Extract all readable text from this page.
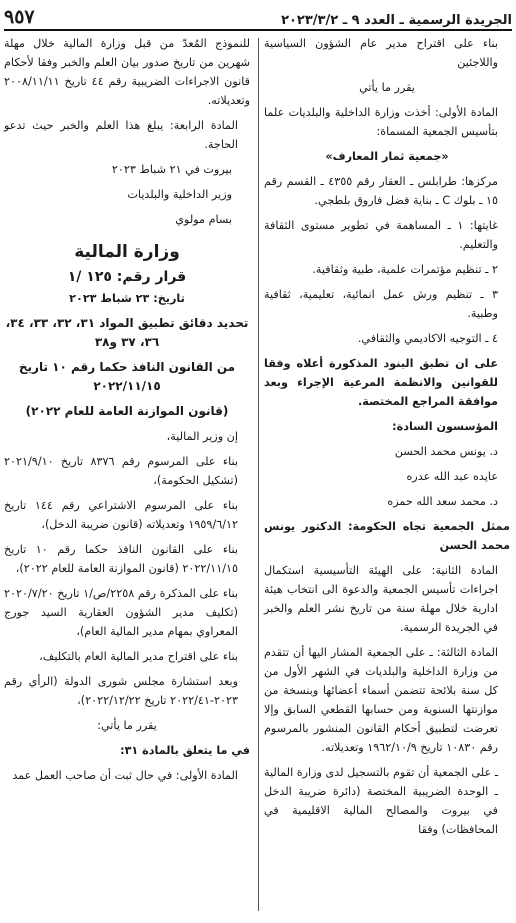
٩٥٧	الجريدة الرسمية ـ العدد ٩ ـ ٢٠٢٣/٣/٢

بناء على اقتراح مدير عام الشؤون السياسية واللاجئين

يقرر ما يأتي

المادة الأولى: أخذت وزارة الداخلية والبلديات علما بتأسيس الجمعية المسماة:

«جمعية ثمار المعارف»

مركزها: طرابلس ـ العقار رقم ٤٣٥٥ ـ القسم رقم ١٥ ـ بلوك C ـ بناية فضل فاروق بلطجي.

غايتها: ١ ـ المساهمة في تطوير مستوى الثقافة والتعليم.

٢ ـ تنظيم مؤتمرات علمية، طبية وثقافية.

٣ ـ تنظيم ورش عمل انمائية، تعليمية، ثقافية وطبية.

٤ ـ التوجيه الاكاديمي والثقافي.

على ان تطبق البنود المذكورة أعلاه وفقا للقوانين والانظمة المرعية الإجراء وبعد موافقة المراجع المختصة.

المؤسسون السادة:

د. يونس محمد الحسن

عايده عبد الله عدره

د. محمد سعد الله حمزه

ممثل الجمعية تجاه الحكومة: الدكتور يونس محمد الحسن

المادة الثانية: على الهيئة التأسيسية استكمال اجراءات تأسيس الجمعية والدعوة الى انتخاب هيئة ادارية خلال مهلة سنة من تاريخ نشر العلم والخبر في الجريدة الرسمية.

المادة الثالثة: ـ على الجمعية المشار اليها أن تتقدم من وزارة الداخلية والبلديات في الشهر الأول من كل سنة بلائحة تتضمن أسماء أعضائها وبنسخة من موازنتها السنوية ومن حسابها القطعي السابق وإلا تعرضت لتطبيق أحكام القانون المنشور بالمرسوم رقم ١٠٨٣٠ تاريخ ١٩٦٢/١٠/٩ وتعديلاته.

ـ على الجمعية أن تقوم بالتسجيل لدى وزارة المالية ـ الوحدة الضريبية المختصة (دائرة ضريبة الدخل في بيروت والمصالح المالية الاقليمية في المحافظات) وفقا

للنموذج المُعدّ من قبل وزارة المالية خلال مهلة شهرين من تاريخ صدور بيان العلم والخبر وفقا لأحكام قانون الاجراءات الضريبية رقم ٤٤ تاريخ ٢٠٠٨/١١/١١ وتعديلاته.

المادة الرابعة: يبلغ هذا العلم والخبر حيث تدعو الحاجة.

بيروت في ٢١ شباط ٢٠٢٣

وزير الداخلية والبلديات

بسام مولوي

وزارة المالية
قرار رقم: ١٢٥ /١

تاريخ: ٢٣ شباط ٢٠٢٣

تحديد دقائق تطبيق المواد ٣١، ٣٢، ٣٣، ٣٤، ٣٦، ٣٧ و٣٨

من القانون النافذ حكما رقم ١٠ تاريخ ٢٠٢٢/١١/١٥

(قانون الموازنة العامة للعام ٢٠٢٢)

إن وزير المالية،

بناء على المرسوم رقم ٨٣٧٦ تاريخ ٢٠٢١/٩/١٠ (تشكيل الحكومة)،

بناء على المرسوم الاشتراعي رقم ١٤٤ تاريخ ١٩٥٩/٦/١٢ وتعديلاته (قانون ضريبة الدخل)،

بناء على القانون النافذ حكما رقم ١٠ تاريخ ٢٠٢٢/١١/١٥ (قانون الموازنة العامة للعام ٢٠٢٢)،

بناء على المذكرة رقم ٢٢٥٨/ص/١ تاريخ ٢٠٢٠/٧/٢٠ (تكليف مدير الشؤون العقارية السيد جورج المعراوي بمهام مدير المالية العام)،

بناء على اقتراح مدير المالية العام بالتكليف،

وبعد استشارة مجلس شورى الدولة (الرأي رقم ٢٠٢٣-٢٠٢٢/٤١ تاريخ ٢٠٢٢/١٢/٢٢)،

يقرر ما يأتي:

في ما يتعلق بالمادة ٣١:

المادة الأولى: في حال ثبت أن صاحب العمل عمد
